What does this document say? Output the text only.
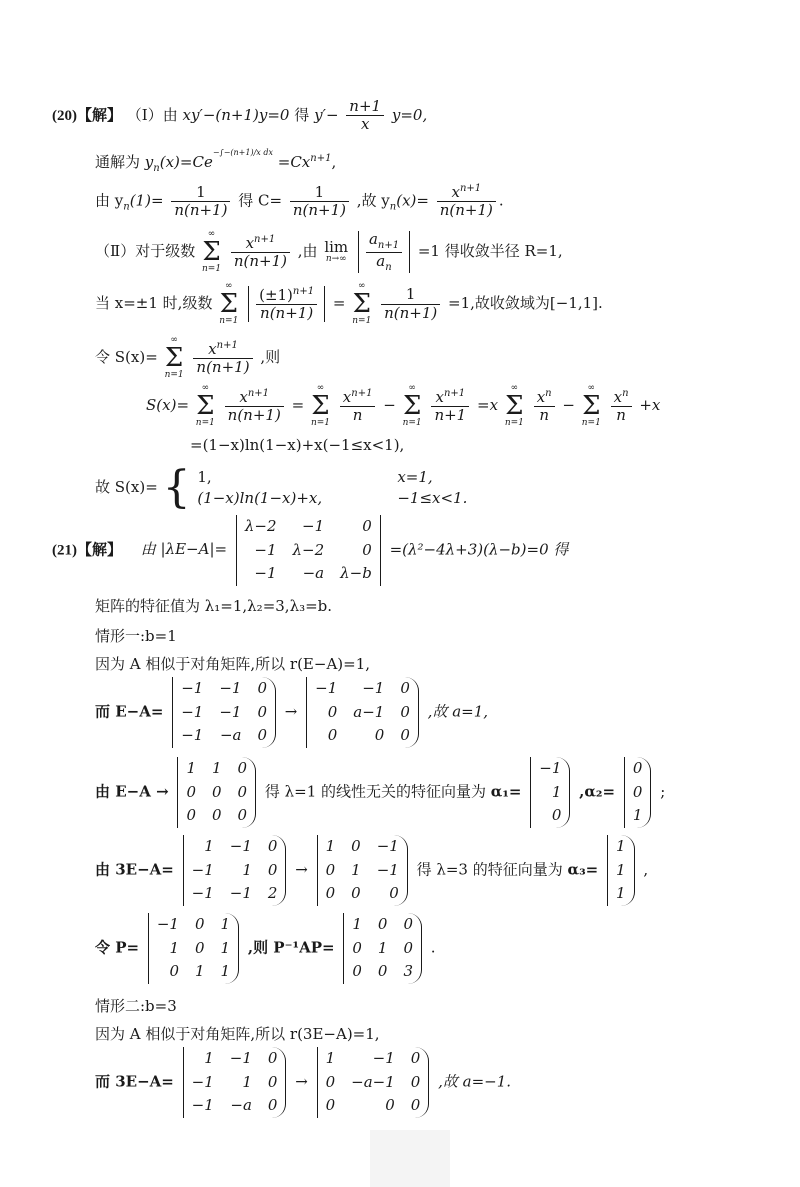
(20)【解】 （Ⅰ）由 xy′−(n+1)y=0 得 $y'- \frac{n+1}{x} y=0$,
通解为 $y_n(x)=Ce^{-\int-(n+1)/x dx} =Cx^{n+1}$,
由 $y_n(1)= \frac{1}{n(n+1)}$ 得 $C= \frac{1}{n(n+1)}$ ,故 $y_n(x)= \frac{x^{n+1}}{n(n+1)}$ .
（Ⅱ）对于级数
∞
Σ
n=1
$\frac{x^{n+1}}{n(n+1)}$ ,由 lim
n→∞
$\frac{a_{n+1}}{a_n} =1$ 得收敛半径 R=1,
当 x=±1 时,级数
∞
Σ
n=1
$\frac{(\pm 1)^{n+1}}{n(n+1)}$ =
∞
Σ
n=1
$\frac{1}{n(n+1)} =1$,故收敛域为[−1,1].
令 S(x)=
∞
Σ
n=1
$\frac{x^{n+1}}{n(n+1)}$ ,则
S(x)=
∞
Σ
n=1
$\frac{x^{n+1}}{n(n+1)}$ =
∞
Σ
n=1
$\frac{x^{n+1}}{n}$ −
∞
Σ
n=1
$\frac{x^{n+1}}{n+1} =x$
∞
Σ
n=1
$\frac{x^n}{n}$ −
∞
Σ
n=1
$\frac{x^n}{n} +x$
=(1−x)ln(1−x)+x(−1≤x<1),
故 S(x)= { 1,	x=1,
(1−x)ln(1−x)+x,	−1≤x<1.
(21)【解】 由 |λE−A|= λ−2	−1	0
−1	λ−2	0
−1	−a	λ−b =(λ²−4λ+3)(λ−b)=0 得
矩阵的特征值为 λ₁=1,λ₂=3,λ₃=b.
情形一:b=1
因为 A 相似于对角矩阵,所以 r(E−A)=1,
而 E−A= −1	−1	0
−1	−1	0
−1	−a	0 → −1	−1	0
0	a−1	0
0	0	0 ,故 a=1,
由 E−A → 1	1	0
0	0	0
0	0	0 得 λ=1 的线性无关的特征向量为 α₁= −1
1
0 ,α₂= 0
0
1 ;
由 3E−A= 1	−1	0
−1	1	0
−1	−1	2 → 1	0	−1
0	1	−1
0	0	0 得 λ=3 的特征向量为 α₃= 1
1
1 ,
令 P= −1	0	1
1	0	1
0	1	1 ,则 P⁻¹AP= 1	0	0
0	1	0
0	0	3 .
情形二:b=3
因为 A 相似于对角矩阵,所以 r(3E−A)=1,
而 3E−A= 1	−1	0
−1	1	0
−1	−a	0 → 1	−1	0
0	−a−1	0
0	0	0 ,故 a=−1.
